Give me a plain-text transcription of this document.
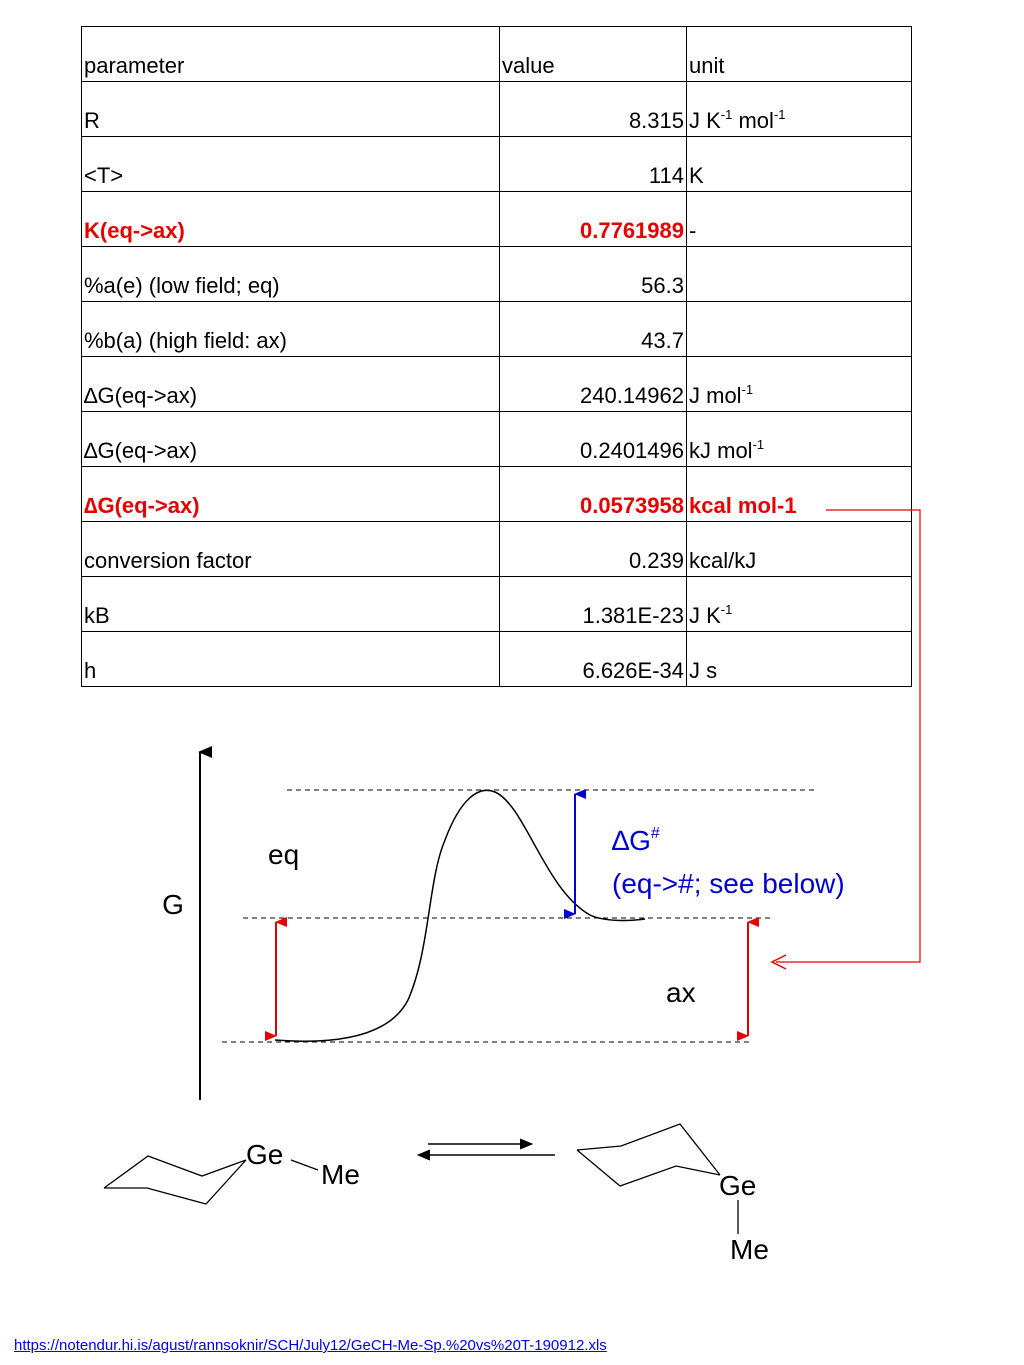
parameter	value	unit
R	8.315	J $K^{-1}$ mol$^{-1}$
<T>	114	K
K(eq->ax)	0.7761989	-
%a(e) (low field; eq)	56.3	
%b(a) (high field: ax)	43.7	
∆G(eq->ax)	240.14962	J mol$^{-1}$
∆G(eq->ax)	0.2401496	kJ mol$^{-1}$
∆G(eq->ax)	0.0573958	kcal mol-1
conversion factor	0.239	kcal/kJ
kB	1.381E-23	J $K^{-1}$
h	6.626E-34	J s
G
eq
ax
∆G#
(eq->#; see below)
Ge
Me	Ge
Me
https://notendur.hi.is/agust/rannsoknir/SCH/July12/GeCH-Me-Sp.%20vs%20T-190912.xls
